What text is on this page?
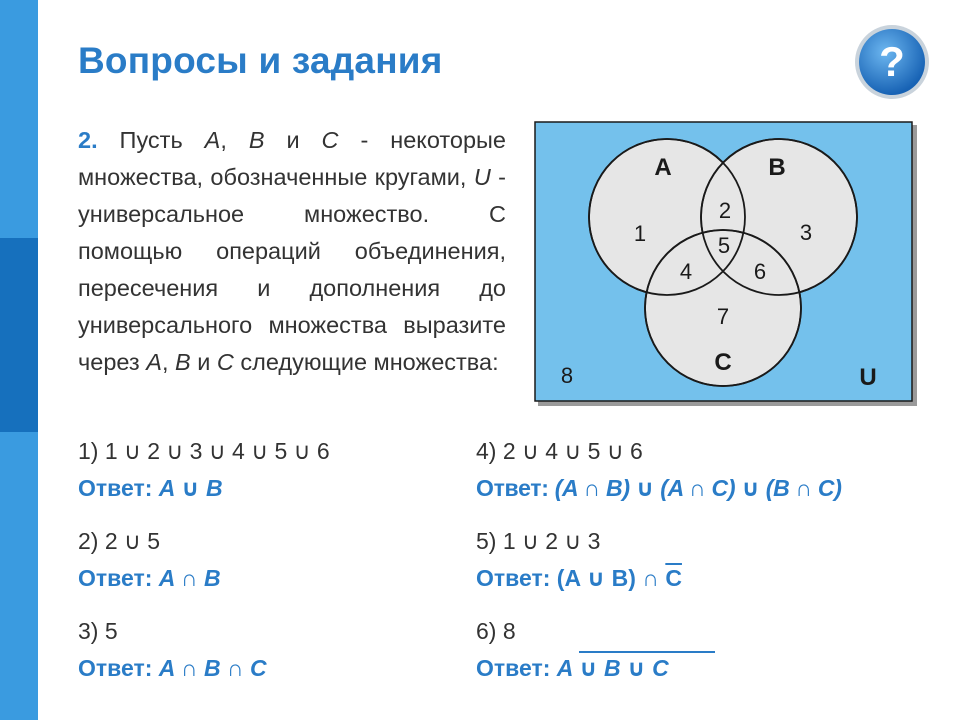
Вопросы и задания	?
2. Пусть A, B и C - некоторые множества, обозначенные кругами, U - универсальное множество. С помощью операций объединения, пересечения и дополнения до универсального множества выразите через A, B и C следующие множества:
A	B
C
U
1
2
3
4
5
6
7
8
1) 1 ∪ 2 ∪ 3 ∪ 4 ∪ 5 ∪ 6
Ответ: A ∪ B
2) 2 ∪ 5
Ответ: A ∩ B
3) 5
Ответ: A ∩ B ∩ C
4) 2 ∪ 4 ∪ 5 ∪ 6
Ответ: (A ∩ B) ∪ (A ∩ C) ∪ (B ∩ C)
5) 1 ∪ 2 ∪ 3
Ответ: (A ∪ B) ∩ $\overline{C}$
6) 8
Ответ: A ∪ B ∪ C
